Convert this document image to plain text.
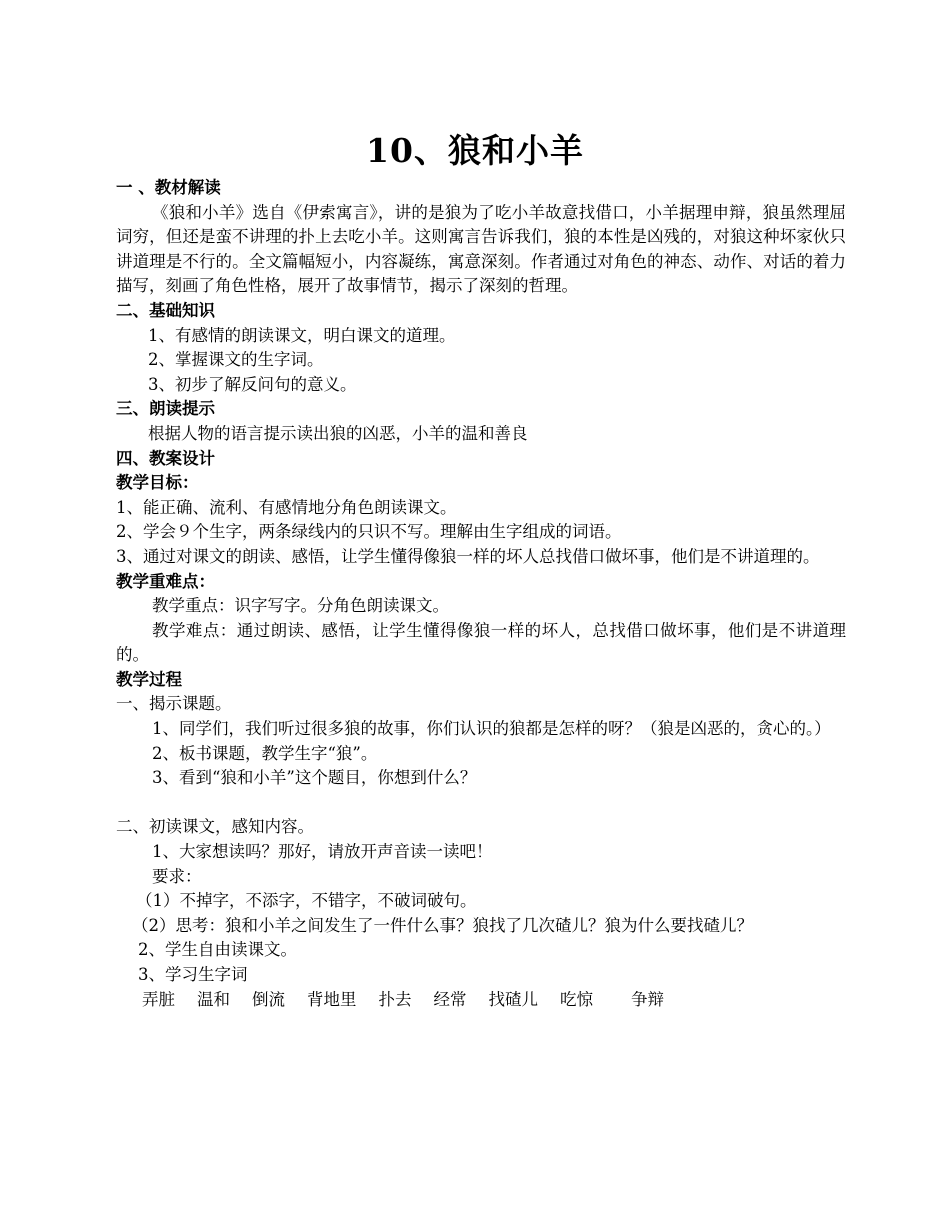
10、狼和小羊

一 、教材解读

《狼和小羊》选自《伊索寓言》，讲的是狼为了吃小羊故意找借口，小羊据理申辩，狼虽然理屈词穷，但还是蛮不讲理的扑上去吃小羊。这则寓言告诉我们，狼的本性是凶残的，对狼这种坏家伙只讲道理是不行的。全文篇幅短小，内容凝练，寓意深刻。作者通过对角色的神态、动作、对话的着力描写，刻画了角色性格，展开了故事情节，揭示了深刻的哲理。

二、基础知识

1、有感情的朗读课文，明白课文的道理。

2、掌握课文的生字词。

3、初步了解反问句的意义。

三、朗读提示

根据人物的语言提示读出狼的凶恶，小羊的温和善良

四、教案设计

教学目标：

1、能正确、流利、有感情地分角色朗读课文。

2、学会９个生字，两条绿线内的只识不写。理解由生字组成的词语。

3、通过对课文的朗读、感悟，让学生懂得像狼一样的坏人总找借口做坏事，他们是不讲道理的。

教学重难点：

教学重点：识字写字。分角色朗读课文。

教学难点：通过朗读、感悟，让学生懂得像狼一样的坏人，总找借口做坏事，他们是不讲道理的。

教学过程

一、揭示课题。

1、同学们，我们听过很多狼的故事，你们认识的狼都是怎样的呀？（狼是凶恶的，贪心的。）

2、板书课题，教学生字“狼”。

3、看到“狼和小羊”这个题目，你想到什么？

二、初读课文，感知内容。

1、大家想读吗？那好，请放开声音读一读吧！

要求：

（1）不掉字，不添字，不错字，不破词破句。

（2）思考：狼和小羊之间发生了一件什么事？狼找了几次碴儿？狼为什么要找碴儿？

2、学生自由读课文。

3、学习生字词

弄脏 温和 倒流 背地里 扑去 经常 找碴儿 吃惊 争辩
